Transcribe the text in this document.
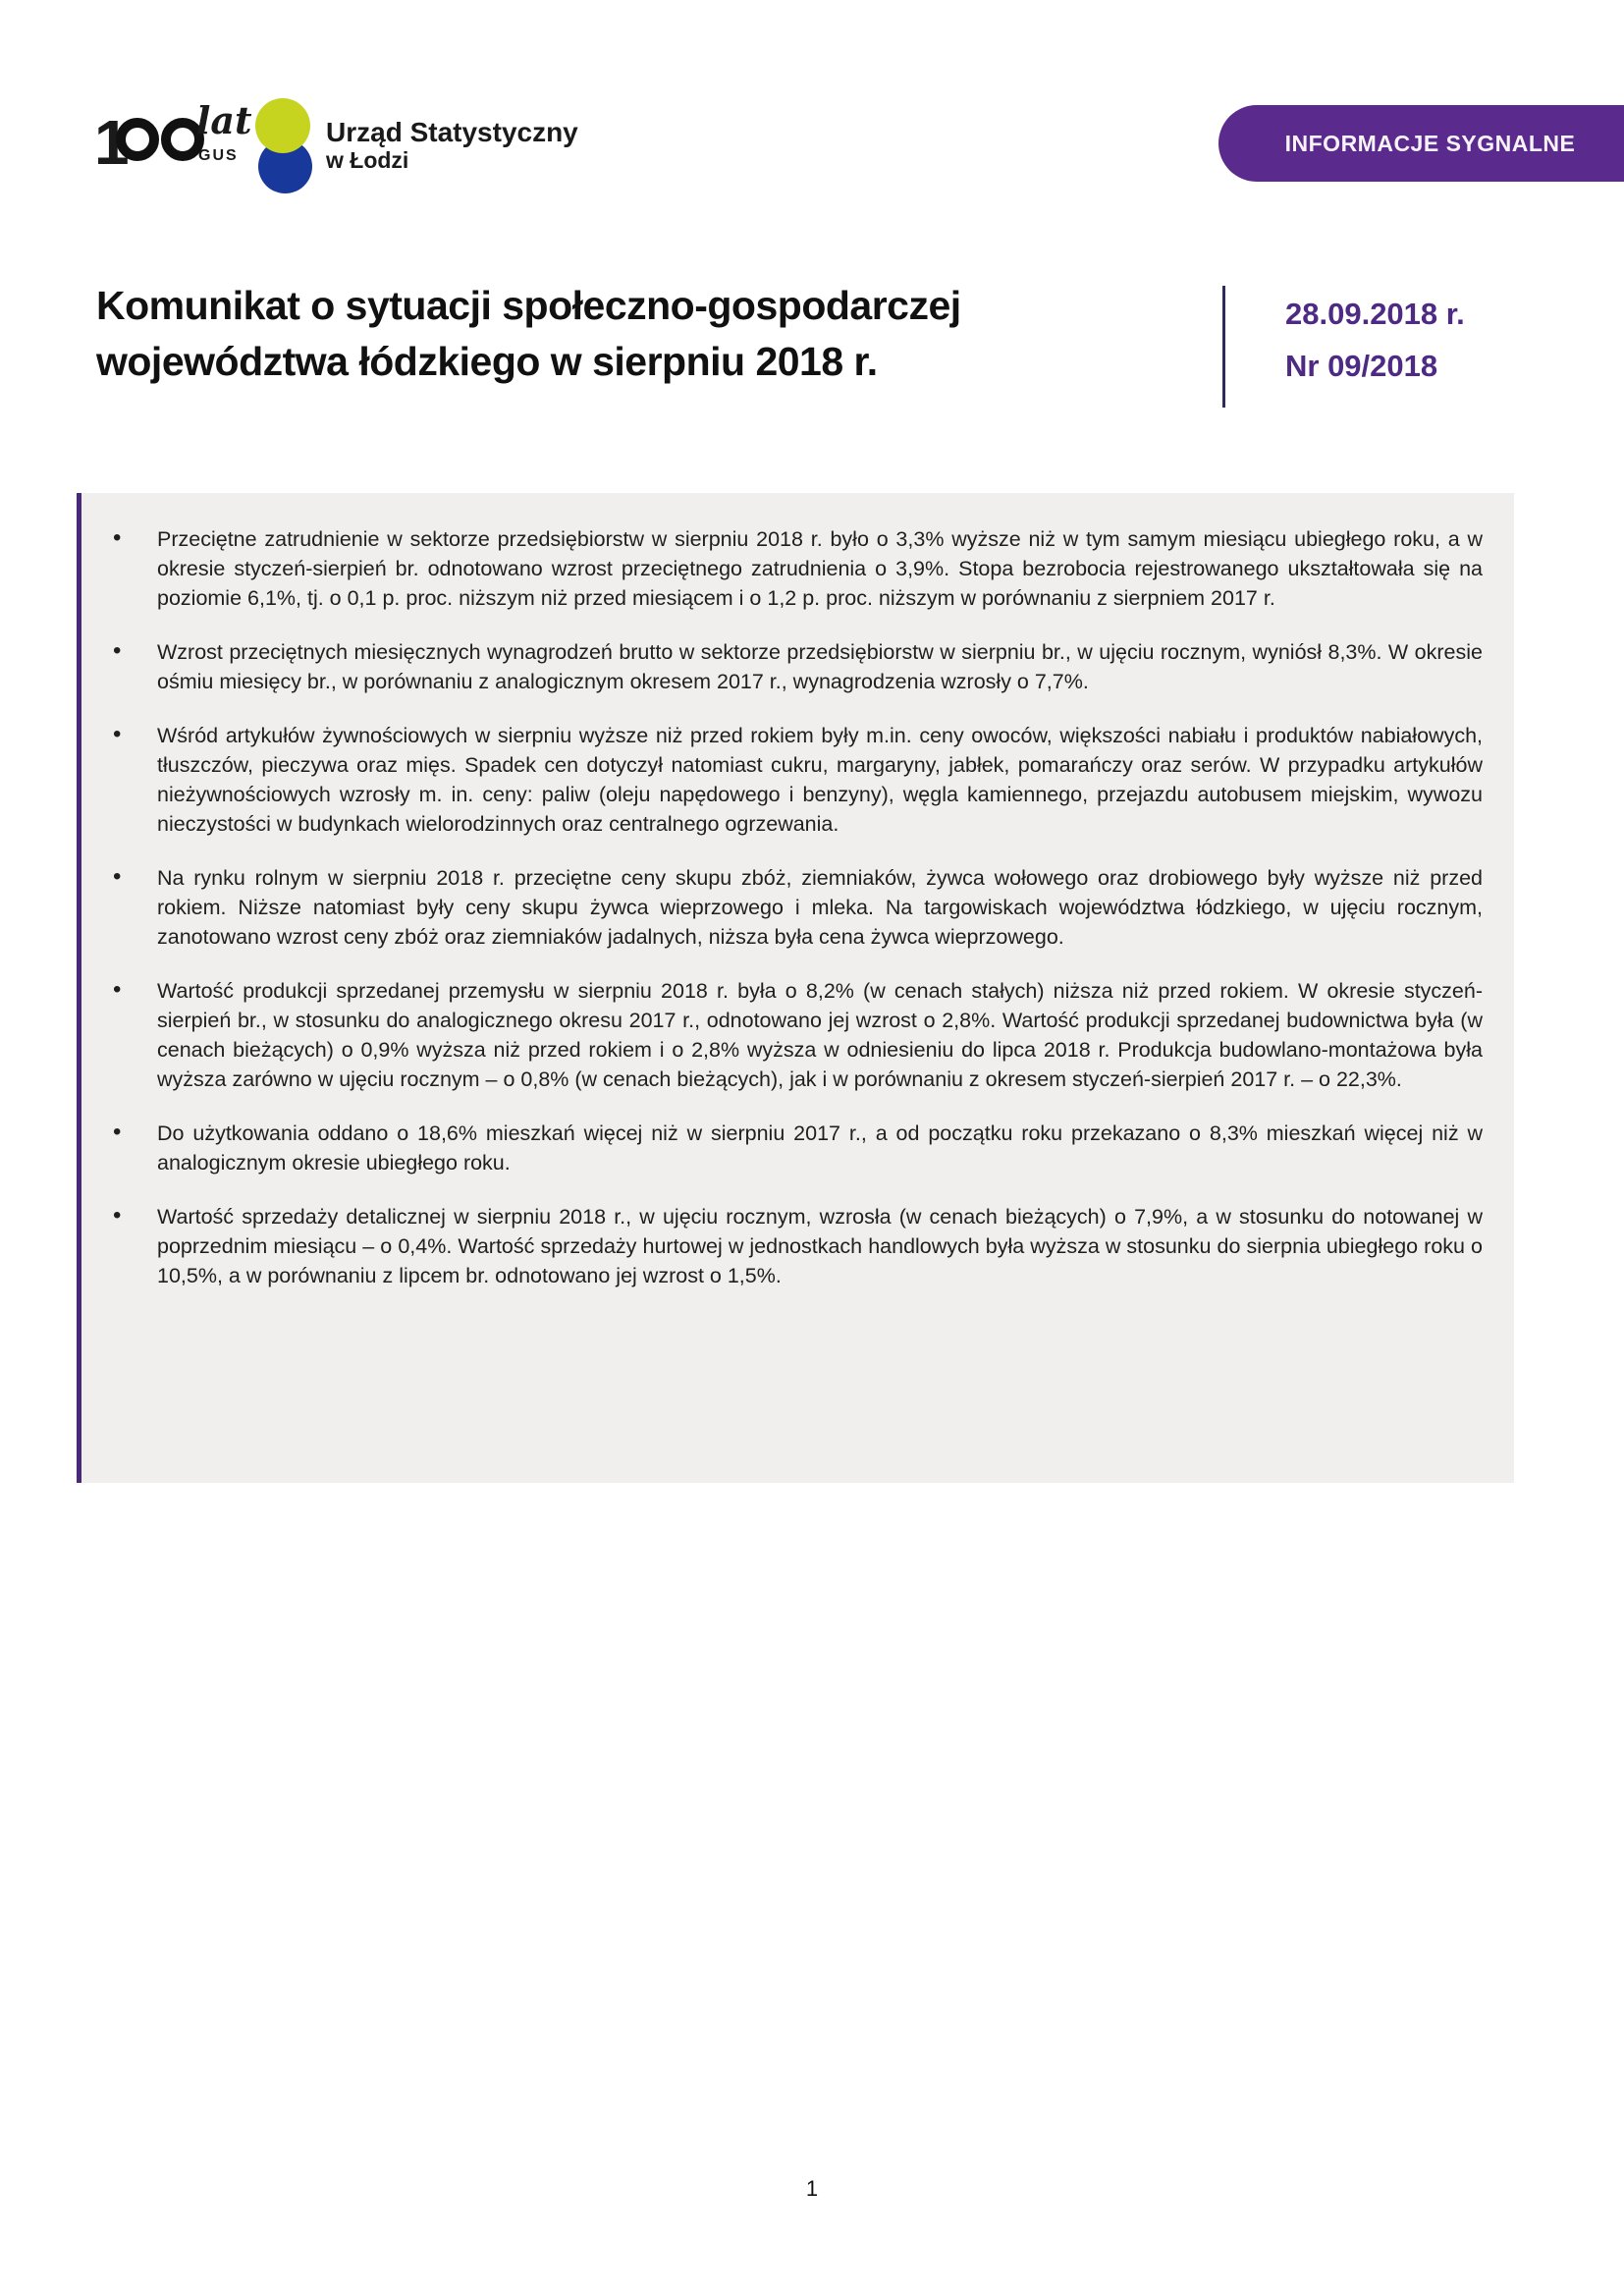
1 lat
GUS
Urząd Statystyczny
w Łodzi
INFORMACJE SYGNALNE
Komunikat o sytuacji społeczno-gospodarczej
województwa łódzkiego w sierpniu 2018 r.
28.09.2018 r.
Nr 09/2018
• Przeciętne zatrudnienie w sektorze przedsiębiorstw w sierpniu 2018 r. było o 3,3% wyższe niż w tym samym miesiącu ubiegłego roku, a w okresie styczeń-sierpień br. odnotowano wzrost przeciętnego zatrudnienia o 3,9%. Stopa bezrobocia rejestrowanego ukształtowała się na poziomie 6,1%, tj. o 0,1 p. proc. niższym niż przed miesiącem i o 1,2 p. proc. niższym w porównaniu z sierpniem 2017 r.
• Wzrost przeciętnych miesięcznych wynagrodzeń brutto w sektorze przedsiębiorstw w sierpniu br., w ujęciu rocznym, wyniósł 8,3%. W okresie ośmiu miesięcy br., w porównaniu z analogicznym okresem 2017 r., wynagrodzenia wzrosły o 7,7%.
• Wśród artykułów żywnościowych w sierpniu wyższe niż przed rokiem były m.in. ceny owoców, większości nabiału i produktów nabiałowych, tłuszczów, pieczywa oraz mięs. Spadek cen dotyczył natomiast cukru, margaryny, jabłek, pomarańczy oraz serów. W przypadku artykułów nieżywnościowych wzrosły m. in. ceny: paliw (oleju napędowego i benzyny), węgla kamiennego, przejazdu autobusem miejskim, wywozu nieczystości w budynkach wielorodzinnych oraz centralnego ogrzewania.
• Na rynku rolnym w sierpniu 2018 r. przeciętne ceny skupu zbóż, ziemniaków, żywca wołowego oraz drobiowego były wyższe niż przed rokiem. Niższe natomiast były ceny skupu żywca wieprzowego i mleka. Na targowiskach województwa łódzkiego, w ujęciu rocznym, zanotowano wzrost ceny zbóż oraz ziemniaków jadalnych, niższa była cena żywca wieprzowego.
• Wartość produkcji sprzedanej przemysłu w sierpniu 2018 r. była o 8,2% (w cenach stałych) niższa niż przed rokiem. W okresie styczeń-sierpień br., w stosunku do analogicznego okresu 2017 r., odnotowano jej wzrost o 2,8%. Wartość produkcji sprzedanej budownictwa była (w cenach bieżących) o 0,9% wyższa niż przed rokiem i o 2,8% wyższa w odniesieniu do lipca 2018 r. Produkcja budowlano-montażowa była wyższa zarówno w ujęciu rocznym – o 0,8% (w cenach bieżących), jak i w porównaniu z okresem styczeń-sierpień 2017 r. – o 22,3%.
• Do użytkowania oddano o 18,6% mieszkań więcej niż w sierpniu 2017 r., a od początku roku przekazano o 8,3% mieszkań więcej niż w analogicznym okresie ubiegłego roku.
• Wartość sprzedaży detalicznej w sierpniu 2018 r., w ujęciu rocznym, wzrosła (w cenach bieżących) o 7,9%, a w stosunku do notowanej w poprzednim miesiącu – o 0,4%. Wartość sprzedaży hurtowej w jednostkach handlowych była wyższa w stosunku do sierpnia ubiegłego roku o 10,5%, a w porównaniu z lipcem br. odnotowano jej wzrost o 1,5%.
1
